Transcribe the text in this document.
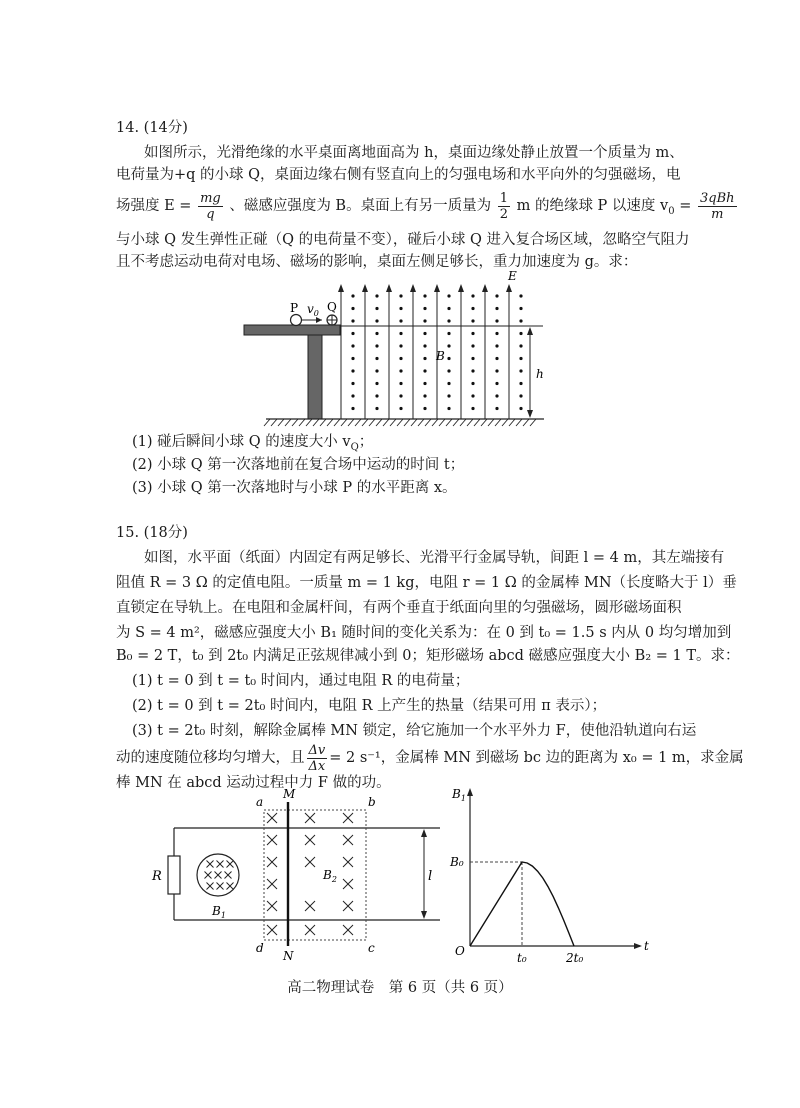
14. (14分)
如图所示，光滑绝缘的水平桌面离地面高为 h，桌面边缘处静止放置一个质量为 m、
电荷量为+q 的小球 Q，桌面边缘右侧有竖直向上的匀强电场和水平向外的匀强磁场，电
场强度 $E = \frac{mg}{q}$ 、磁感应强度为 B。桌面上有另一质量为 $\frac{1}{2}$ m 的绝缘球 P 以速度 $v_0 = \frac{\text{3qBh}}{m}$
与小球 Q 发生弹性正碰（Q 的电荷量不变），碰后小球 Q 进入复合场区域，忽略空气阻力
且不考虑运动电荷对电场、磁场的影响，桌面左侧足够长，重力加速度为 g。求：
P $v_0$ Q
E
B
h
(1) 碰后瞬间小球 Q 的速度大小 $v_Q$；
(2) 小球 Q 第一次落地前在复合场中运动的时间 t；
(3) 小球 Q 第一次落地时与小球 P 的水平距离 x。
15. (18分)
如图，水平面（纸面）内固定有两足够长、光滑平行金属导轨，间距 l = 4 m，其左端接有
阻值 R = 3 Ω 的定值电阻。一质量 m = 1 kg，电阻 r = 1 Ω 的金属棒 MN（长度略大于 l）垂
直锁定在导轨上。在电阻和金属杆间，有两个垂直于纸面向里的匀强磁场，圆形磁场面积
为 S = 4 m²，磁感应强度大小 B₁ 随时间的变化关系为：在 0 到 t₀ = 1.5 s 内从 0 均匀增加到
B₀ = 2 T，t₀ 到 2t₀ 内满足正弦规律减小到 0；矩形磁场 abcd 磁感应强度大小 B₂ = 1 T。求：
(1) t = 0 到 t = t₀ 时间内，通过电阻 R 的电荷量；
(2) t = 0 到 t = 2t₀ 时间内，电阻 R 上产生的热量（结果可用 π 表示）；
(3) t = 2t₀ 时刻，解除金属棒 MN 锁定，给它施加一个水平外力 F，使他沿轨道向右运
动的速度随位移均匀增大，且 $\frac{\Delta v}{\Delta x} = 2$ s⁻¹，金属棒 MN 到磁场 bc 边的距离为 x₀ = 1 m，求金属
棒 MN 在 abcd 运动过程中力 F 做的功。
R
$B_1$
$B_2$
a	b
c
d
M
N
l
$B_1$
t
O
B₀
t₀	2t₀
高二物理试卷　第 6 页（共 6 页）
